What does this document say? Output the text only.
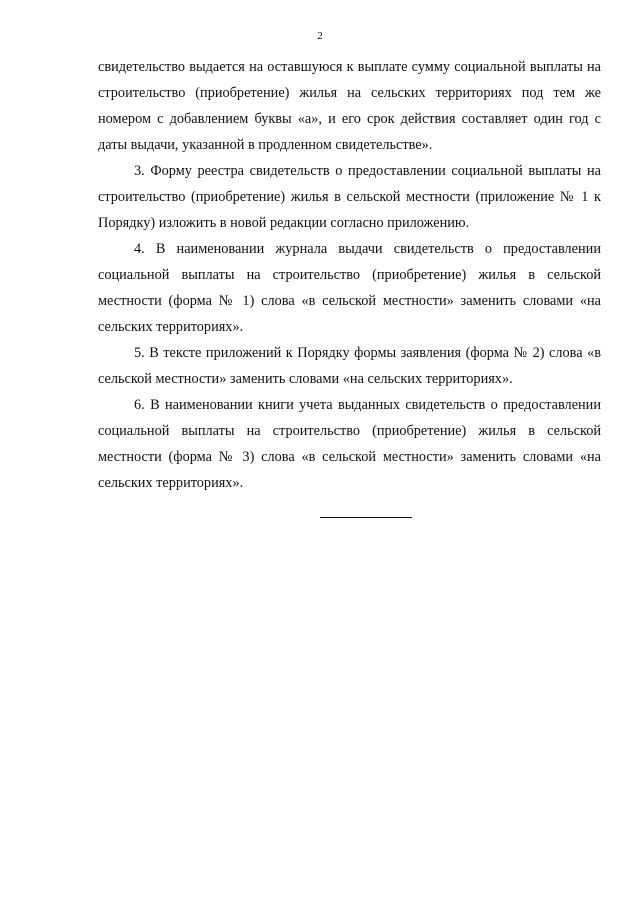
2

свидетельство выдается на оставшуюся к выплате сумму социальной выплаты на строительство (приобретение) жилья на сельских территориях под тем же номером с добавлением буквы «а», и его срок действия составляет один год с даты выдачи, указанной в продленном свидетельстве».

3. Форму реестра свидетельств о предоставлении социальной выплаты на строительство (приобретение) жилья в сельской местности (приложение № 1 к Порядку) изложить в новой редакции согласно приложению.

4. В наименовании журнала выдачи свидетельств о предоставлении социальной выплаты на строительство (приобретение) жилья в сельской местности (форма № 1) слова «в сельской местности» заменить словами «на сельских территориях».

5. В тексте приложений к Порядку формы заявления (форма № 2) слова «в сельской местности» заменить словами «на сельских территориях».

6. В наименовании книги учета выданных свидетельств о предоставлении социальной выплаты на строительство (приобретение) жилья в сельской местности (форма № 3) слова «в сельской местности» заменить словами «на сельских территориях».
